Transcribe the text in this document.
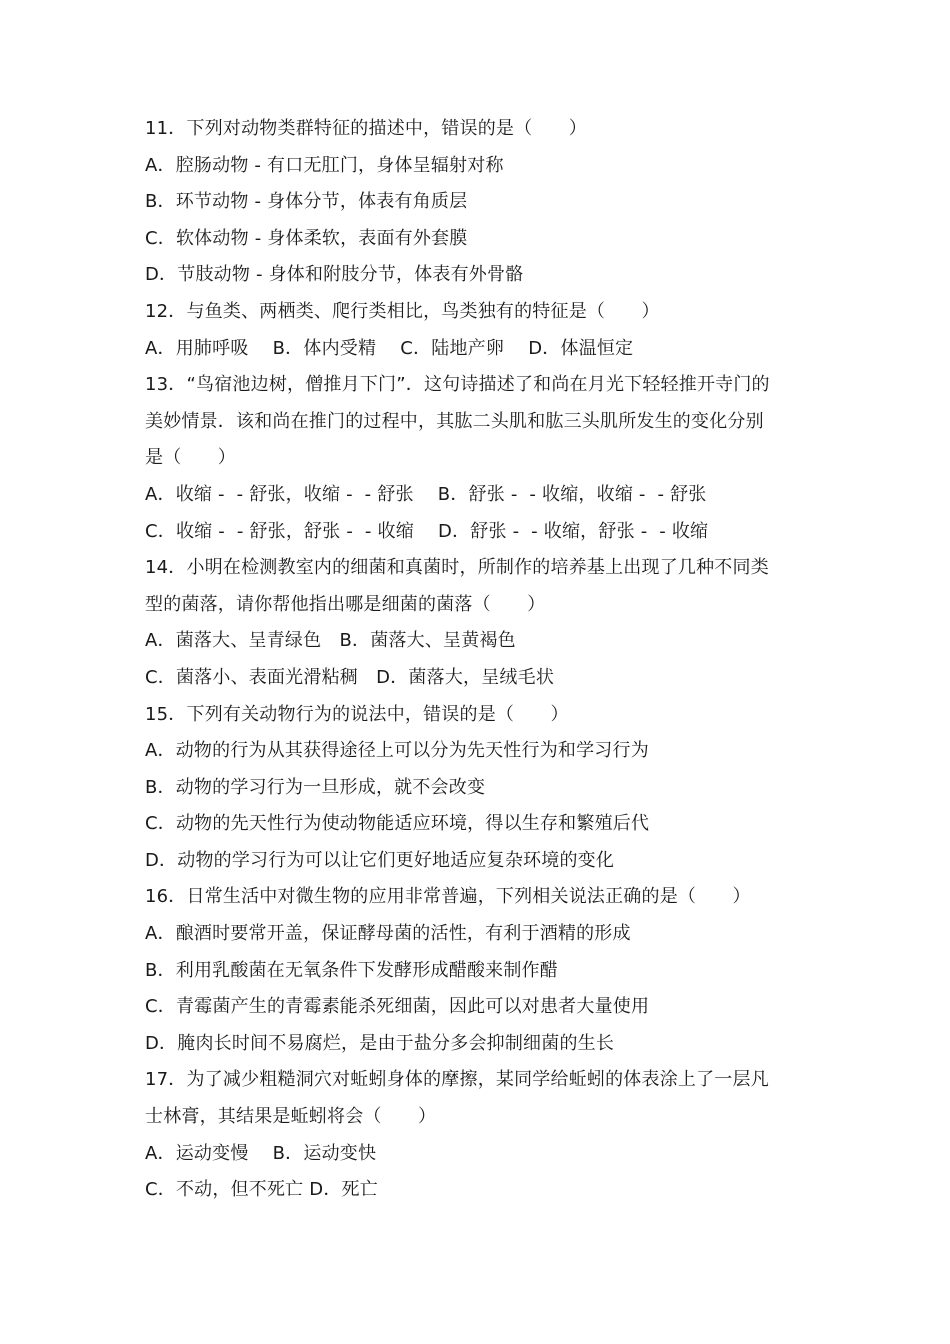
11．下列对动物类群特征的描述中，错误的是（　　）
A．腔肠动物 - 有口无肛门，身体呈辐射对称
B．环节动物 - 身体分节，体表有角质层
C．软体动物 - 身体柔软，表面有外套膜
D．节肢动物 - 身体和附肢分节，体表有外骨骼
12．与鱼类、两栖类、爬行类相比，鸟类独有的特征是（　　）
A．用肺呼吸　 B．体内受精　 C．陆地产卵　 D．体温恒定
13．“鸟宿池边树，僧推月下门”．这句诗描述了和尚在月光下轻轻推开寺门的
美妙情景．该和尚在推门的过程中，其肱二头肌和肱三头肌所发生的变化分别
是（　　）
A．收缩 -  - 舒张，收缩 -  - 舒张　 B．舒张 -  - 收缩，收缩 -  - 舒张
C．收缩 -  - 舒张，舒张 -  - 收缩　 D．舒张 -  - 收缩，舒张 -  - 收缩
14．小明在检测教室内的细菌和真菌时，所制作的培养基上出现了几种不同类
型的菌落，请你帮他指出哪是细菌的菌落（　　）
A．菌落大、呈青绿色　B．菌落大、呈黄褐色
C．菌落小、表面光滑粘稠　D．菌落大，呈绒毛状
15．下列有关动物行为的说法中，错误的是（　　）
A．动物的行为从其获得途径上可以分为先天性行为和学习行为
B．动物的学习行为一旦形成，就不会改变
C．动物的先天性行为使动物能适应环境，得以生存和繁殖后代
D．动物的学习行为可以让它们更好地适应复杂环境的变化
16．日常生活中对微生物的应用非常普遍，下列相关说法正确的是（　　）
A．酿酒时要常开盖，保证酵母菌的活性，有利于酒精的形成
B．利用乳酸菌在无氧条件下发酵形成醋酸来制作醋
C．青霉菌产生的青霉素能杀死细菌，因此可以对患者大量使用
D．腌肉长时间不易腐烂，是由于盐分多会抑制细菌的生长
17．为了减少粗糙洞穴对蚯蚓身体的摩擦，某同学给蚯蚓的体表涂上了一层凡
士林膏，其结果是蚯蚓将会（　　）
A．运动变慢　 B．运动变快
C．不动，但不死亡 D．死亡
